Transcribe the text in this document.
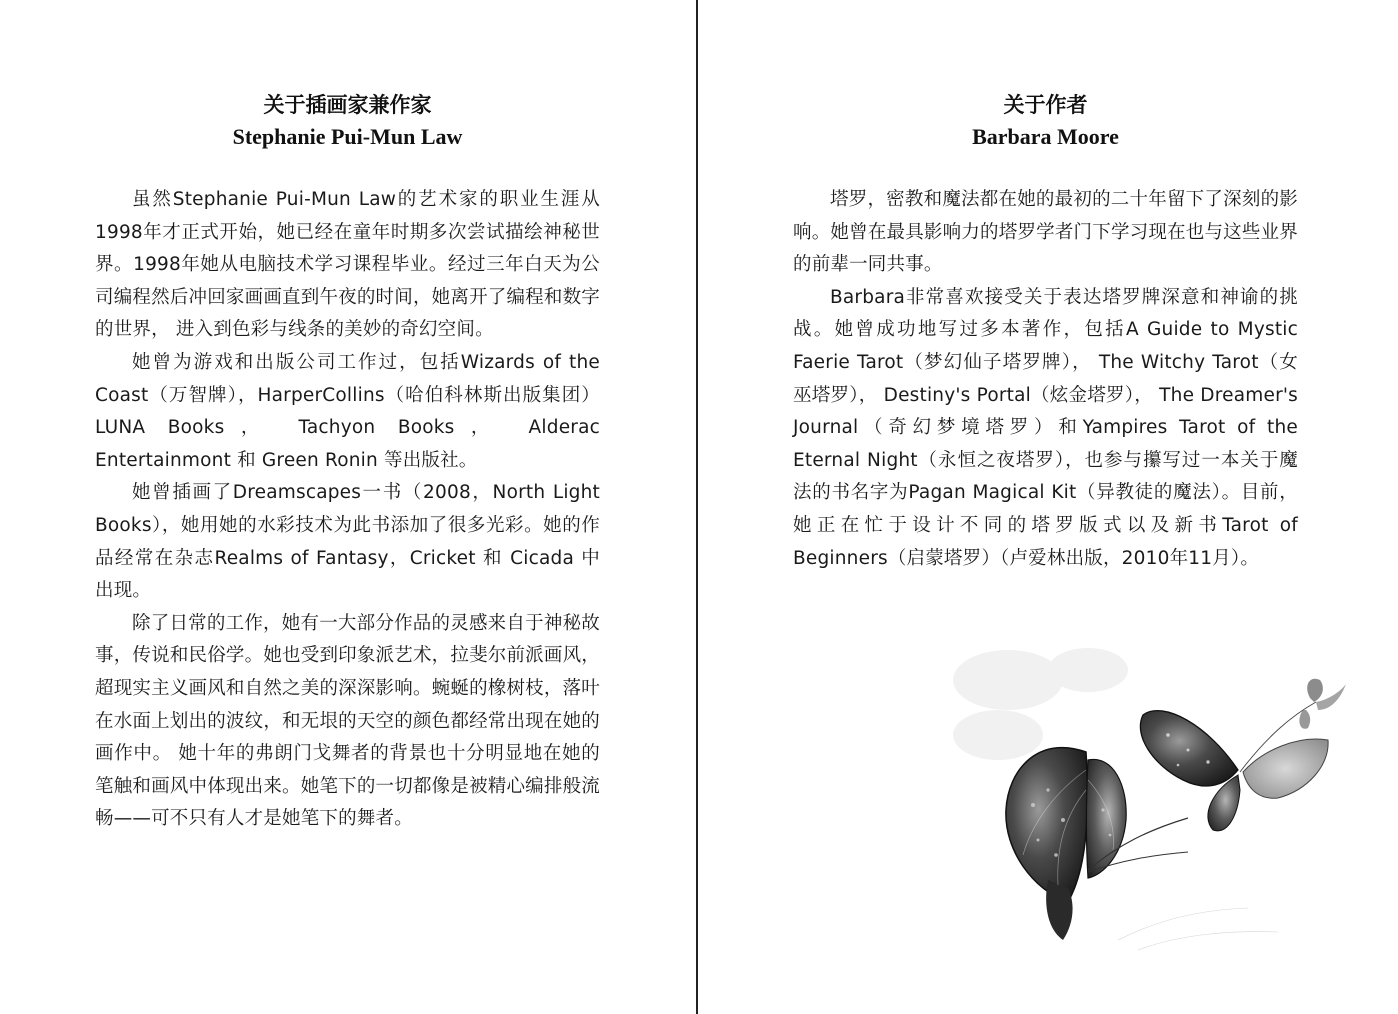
关于插画家兼作家
Stephanie Pui-Mun Law

虽然Stephanie Pui-Mun Law的艺术家的职业生涯从1998年才正式开始，她已经在童年时期多次尝试描绘神秘世界。1998年她从电脑技术学习课程毕业。经过三年白天为公司编程然后冲回家画画直到午夜的时间，她离开了编程和数字的世界， 进入到色彩与线条的美妙的奇幻空间。

她曾为游戏和出版公司工作过，包括Wizards of the Coast（万智牌），HarperCollins（哈伯科林斯出版集团） LUNA Books， Tachyon Books， Alderac Entertainmont 和 Green Ronin 等出版社。

她曾插画了Dreamscapes一书（2008，North Light Books），她用她的水彩技术为此书添加了很多光彩。她的作品经常在杂志Realms of Fantasy，Cricket 和 Cicada 中出现。

除了日常的工作，她有一大部分作品的灵感来自于神秘故事，传说和民俗学。她也受到印象派艺术，拉斐尔前派画风，超现实主义画风和自然之美的深深影响。蜿蜒的橡树枝，落叶在水面上划出的波纹，和无垠的天空的颜色都经常出现在她的画作中。 她十年的弗朗门戈舞者的背景也十分明显地在她的笔触和画风中体现出来。她笔下的一切都像是被精心编排般流畅——可不只有人才是她笔下的舞者。

关于作者
Barbara Moore

塔罗，密教和魔法都在她的最初的二十年留下了深刻的影响。她曾在最具影响力的塔罗学者门下学习现在也与这些业界的前辈一同共事。

Barbara非常喜欢接受关于表达塔罗牌深意和神谕的挑战。她曾成功地写过多本著作，包括A Guide to Mystic Faerie Tarot（梦幻仙子塔罗牌）， The Witchy Tarot（女巫塔罗）， Destiny's Portal（炫金塔罗）， The Dreamer's Journal（奇幻梦境塔罗）和Yampires Tarot of the Eternal Night（永恒之夜塔罗），也参与攥写过一本关于魔法的书名字为Pagan Magical Kit（异教徒的魔法）。目前，她正在忙于设计不同的塔罗版式以及新书Tarot of Beginners（启蒙塔罗）（卢爱林出版，2010年11月）。
